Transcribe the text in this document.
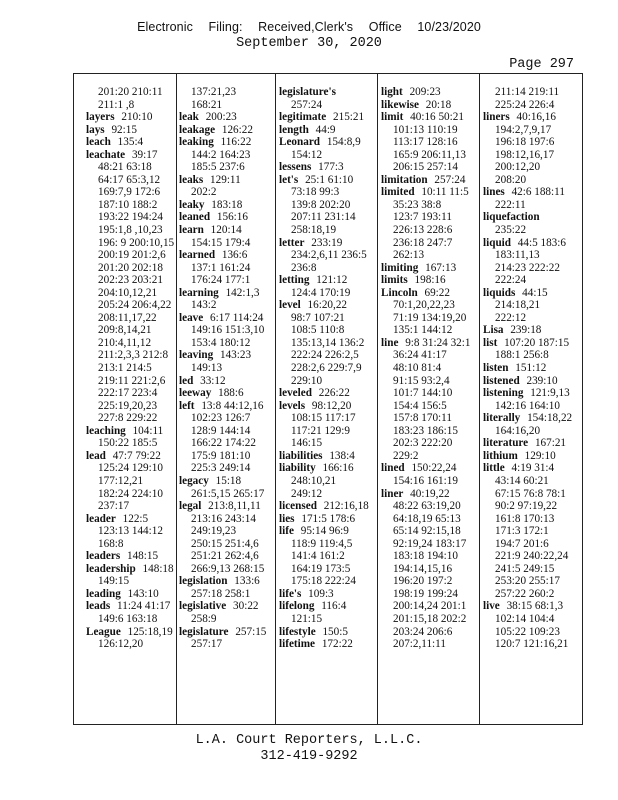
Electronic Filing: Received,Clerk's Office 10/23/2020
September 30, 2020
Page 297
201:20 210:11
211:1 ,8
layers 210:10
lays 92:15
leach 135:4
leachate 39:17
48:21 63:18
64:17 65:3,12
169:7,9 172:6
187:10 188:2
193:22 194:24
195:1,8 ,10,23
196: 9 200:10,15
200:19 201:2,6
201:20 202:18
202:23 203:21
204:10,12,21
205:24 206:4,22
208:11,17,22
209:8,14,21
210:4,11,12
211:2,3,3 212:8
213:1 214:5
219:11 221:2,6
222:17 223:4
225:19,20,23
227:8 229:22
leaching 104:11
150:22 185:5
lead 47:7 79:22
125:24 129:10
177:12,21
182:24 224:10
237:17
leader 122:5
123:13 144:12
168:8
leaders 148:15
leadership 148:18
149:15
leading 143:10
leads 11:24 41:17
149:6 163:18
League 125:18,19
126:12,20
137:21,23
168:21
leak 200:23
leakage 126:22
leaking 116:22
144:2 164:23
185:5 237:6
leaks 129:11
202:2
leaky 183:18
leaned 156:16
learn 120:14
154:15 179:4
learned 136:6
137:1 161:24
176:24 177:1
learning 142:1,3
143:2
leave 6:17 114:24
149:16 151:3,10
153:4 180:12
leaving 143:23
149:13
led 33:12
leeway 188:6
left 13:8 44:12,16
102:23 126:7
128:9 144:14
166:22 174:22
175:9 181:10
225:3 249:14
legacy 15:18
261:5,15 265:17
legal 213:8,11,11
213:16 243:14
249:19,23
250:15 251:4,6
251:21 262:4,6
266:9,13 268:15
legislation 133:6
257:18 258:1
legislative 30:22
258:9
legislature 257:15
257:17
legislature's
257:24
legitimate 215:21
length 44:9
Leonard 154:8,9
154:12
lessens 177:3
let's 25:1 61:10
73:18 99:3
139:8 202:20
207:11 231:14
258:18,19
letter 233:19
234:2,6,11 236:5
236:8
letting 121:12
124:4 170:19
level 16:20,22
98:7 107:21
108:5 110:8
135:13,14 136:2
222:24 226:2,5
228:2,6 229:7,9
229:10
leveled 226:22
levels 98:12,20
108:15 117:17
117:21 129:9
146:15
liabilities 138:4
liability 166:16
248:10,21
249:12
licensed 212:16,18
lies 171:5 178:6
life 95:14 96:9
118:9 119:4,5
141:4 161:2
164:19 173:5
175:18 222:24
life's 109:3
lifelong 116:4
121:15
lifestyle 150:5
lifetime 172:22
light 209:23
likewise 20:18
limit 40:16 50:21
101:13 110:19
113:17 128:16
165:9 206:11,13
206:15 257:14
limitation 257:24
limited 10:11 11:5
35:23 38:8
123:7 193:11
226:13 228:6
236:18 247:7
262:13
limiting 167:13
limits 198:16
Lincoln 69:22
70:1,20,22,23
71:19 134:19,20
135:1 144:12
line 9:8 31:24 32:1
36:24 41:17
48:10 81:4
91:15 93:2,4
101:7 144:10
154:4 156:5
157:8 170:11
183:23 186:15
202:3 222:20
229:2
lined 150:22,24
154:16 161:19
liner 40:19,22
48:22 63:19,20
64:18,19 65:13
65:14 92:15,18
92:19,24 183:17
183:18 194:10
194:14,15,16
196:20 197:2
198:19 199:24
200:14,24 201:1
201:15,18 202:2
203:24 206:6
207:2,11:11
211:14 219:11
225:24 226:4
liners 40:16,16
194:2,7,9,17
196:18 197:6
198:12,16,17
200:12,20
208:20
lines 42:6 188:11
222:11
liquefaction
235:22
liquid 44:5 183:6
183:11,13
214:23 222:22
222:24
liquids 44:15
214:18,21
222:12
Lisa 239:18
list 107:20 187:15
188:1 256:8
listen 151:12
listened 239:10
listening 121:9,13
142:16 164:10
literally 154:18,22
164:16,20
literature 167:21
lithium 129:10
little 4:19 31:4
43:14 60:21
67:15 76:8 78:1
90:2 97:19,22
161:8 170:13
171:3 172:1
194:7 201:6
221:9 240:22,24
241:5 249:15
253:20 255:17
257:22 260:2
live 38:15 68:1,3
102:14 104:4
105:22 109:23
120:7 121:16,21
L.A. Court Reporters, L.L.C.
312-419-9292
